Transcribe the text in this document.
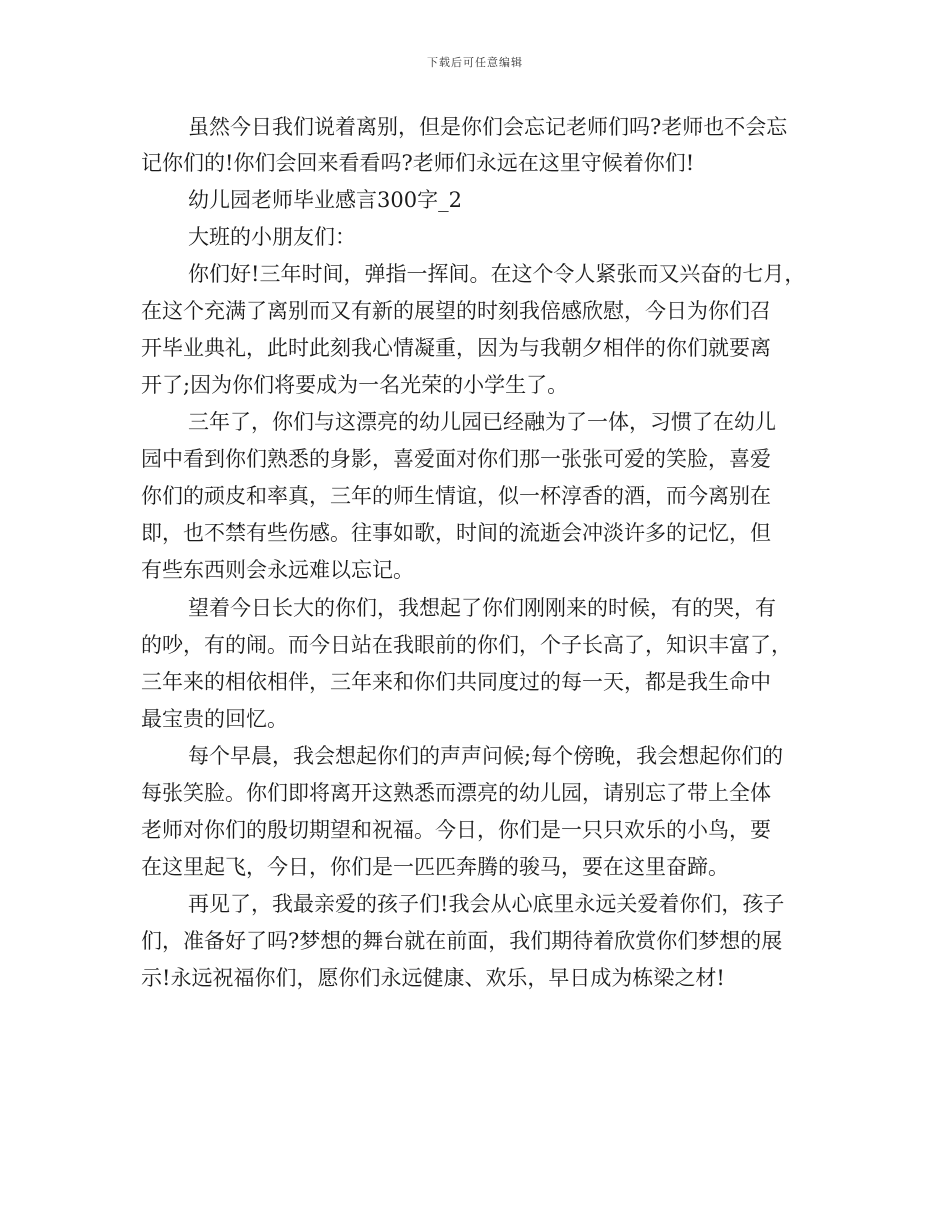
下载后可任意编辑
虽然今日我们说着离别，但是你们会忘记老师们吗?老师也不会忘
记你们的!你们会回来看看吗?老师们永远在这里守候着你们!
幼儿园老师毕业感言300字_2
大班的小朋友们：
你们好!三年时间，弹指一挥间。在这个令人紧张而又兴奋的七月，
在这个充满了离别而又有新的展望的时刻我倍感欣慰，今日为你们召
开毕业典礼，此时此刻我心情凝重，因为与我朝夕相伴的你们就要离
开了;因为你们将要成为一名光荣的小学生了。
三年了，你们与这漂亮的幼儿园已经融为了一体，习惯了在幼儿
园中看到你们熟悉的身影，喜爱面对你们那一张张可爱的笑脸，喜爱
你们的顽皮和率真，三年的师生情谊，似一杯淳香的酒，而今离别在
即，也不禁有些伤感。往事如歌，时间的流逝会冲淡许多的记忆，但
有些东西则会永远难以忘记。
望着今日长大的你们，我想起了你们刚刚来的时候，有的哭，有
的吵，有的闹。而今日站在我眼前的你们，个子长高了，知识丰富了，
三年来的相依相伴，三年来和你们共同度过的每一天，都是我生命中
最宝贵的回忆。
每个早晨，我会想起你们的声声问候;每个傍晚，我会想起你们的
每张笑脸。你们即将离开这熟悉而漂亮的幼儿园，请别忘了带上全体
老师对你们的殷切期望和祝福。今日，你们是一只只欢乐的小鸟，要
在这里起飞，今日，你们是一匹匹奔腾的骏马，要在这里奋蹄。
再见了，我最亲爱的孩子们!我会从心底里永远关爱着你们，孩子
们，准备好了吗?梦想的舞台就在前面，我们期待着欣赏你们梦想的展
示!永远祝福你们，愿你们永远健康、欢乐，早日成为栋梁之材!
